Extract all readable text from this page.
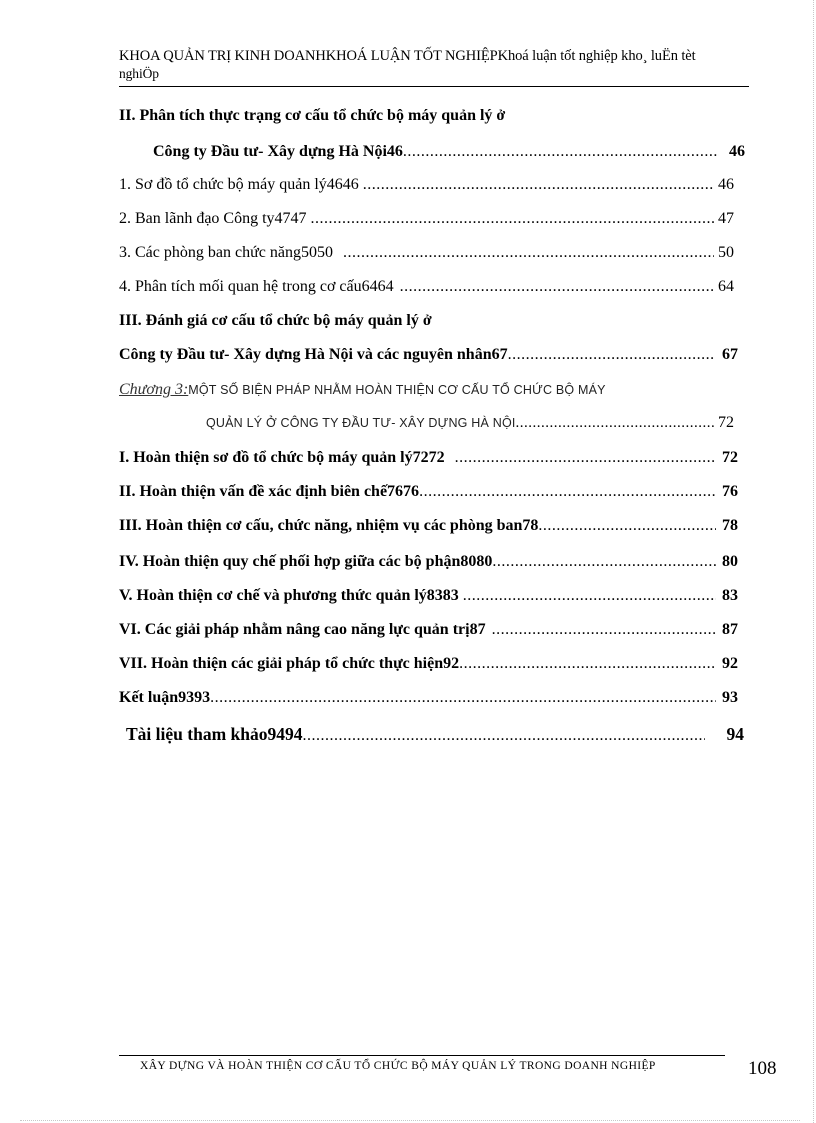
KHOA QUẢN TRỊ KINH DOANHKHOÁ LUẬN TỐT NGHIỆPKhoá luận tốt nghiệp kho¸ luËn tèt
nghiÖp
II. Phân tích thực trạng cơ cấu tổ chức bộ máy quản lý ở
Công ty Đầu tư- Xây dựng Hà Nội46 .....	46
1. Sơ đồ tổ chức bộ máy quản lý4646 .....	46
2. Ban lãnh đạo Công ty4747 .....	47
3. Các phòng ban chức năng5050 .....	50
4. Phân tích mối quan hệ trong cơ cấu6464 .....	64
III. Đánh giá cơ cấu tổ chức bộ máy quản lý ở
Công ty Đầu tư- Xây dựng Hà Nội và các nguyên nhân67 .....	67
Chương 3: MỘT SỐ BIỆN PHÁP NHẰM HOÀN THIỆN CƠ CẤU TỔ CHỨC BỘ MÁY
QUẢN LÝ Ở CÔNG TY ĐẦU TƯ- XÂY DỰNG HÀ NỘI .....	72
I. Hoàn thiện sơ đồ tổ chức bộ máy quản lý7272 .....	72
II. Hoàn thiện vấn đề xác định biên chế7676 .....	76
III. Hoàn thiện cơ cấu, chức năng, nhiệm vụ các phòng ban78 .....	78
IV. Hoàn thiện quy chế phối hợp giữa các bộ phận8080 .....	80
V. Hoàn thiện cơ chế và phương thức quản lý8383 .....	83
VI. Các giải pháp nhằm nâng cao năng lực quản trị87 .....	87
VII. Hoàn thiện các giải pháp tổ chức thực hiện92 .....	92
Kết luận9393 .....	93
Tài liệu tham khảo9494 .....	94
XÂY DỰNG VÀ HOÀN THIỆN CƠ CẤU TỔ CHỨC BỘ MÁY QUẢN LÝ TRONG DOANH NGHIỆP	108
